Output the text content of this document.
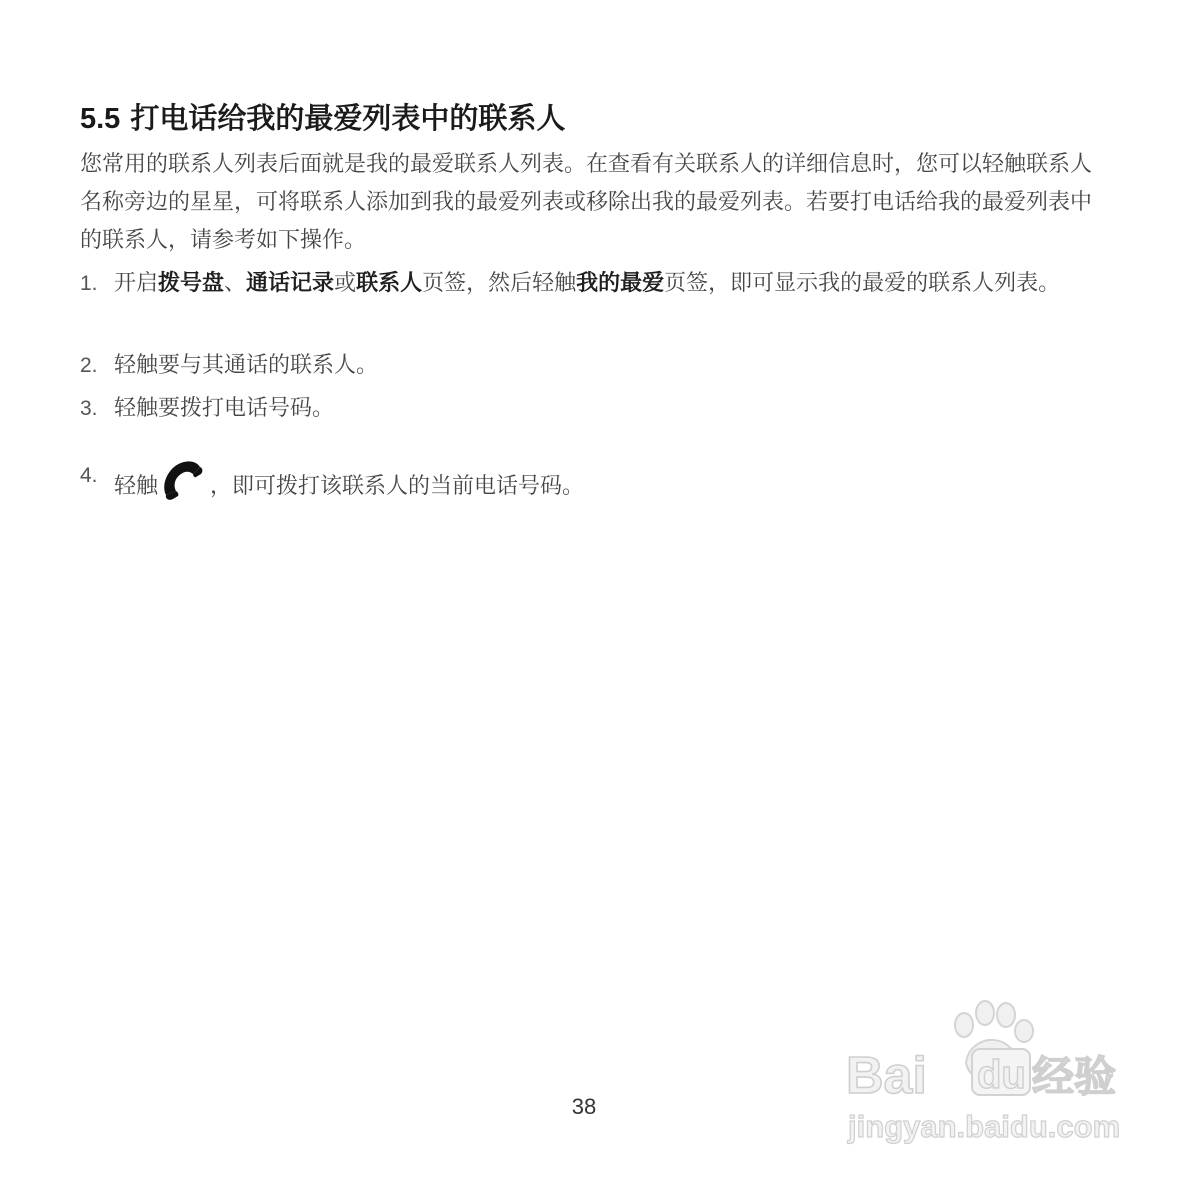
5.5 打电话给我的最爱列表中的联系人

您常用的联系人列表后面就是我的最爱联系人列表。在查看有关联系人的详细信息时，您可以轻触联系人名称旁边的星星，可将联系人添加到我的最爱列表或移除出我的最爱列表。若要打电话给我的最爱列表中的联系人，请参考如下操作。

1. 开启拨号盘、通话记录或联系人页签，然后轻触我的最爱页签，即可显示我的最爱的联系人列表。
2. 轻触要与其通话的联系人。
3. 轻触要拨打电话号码。
4. 轻触 ，即可拨打该联系人的当前电话号码。
38
Bai du 经验
jingyan.baidu.com
